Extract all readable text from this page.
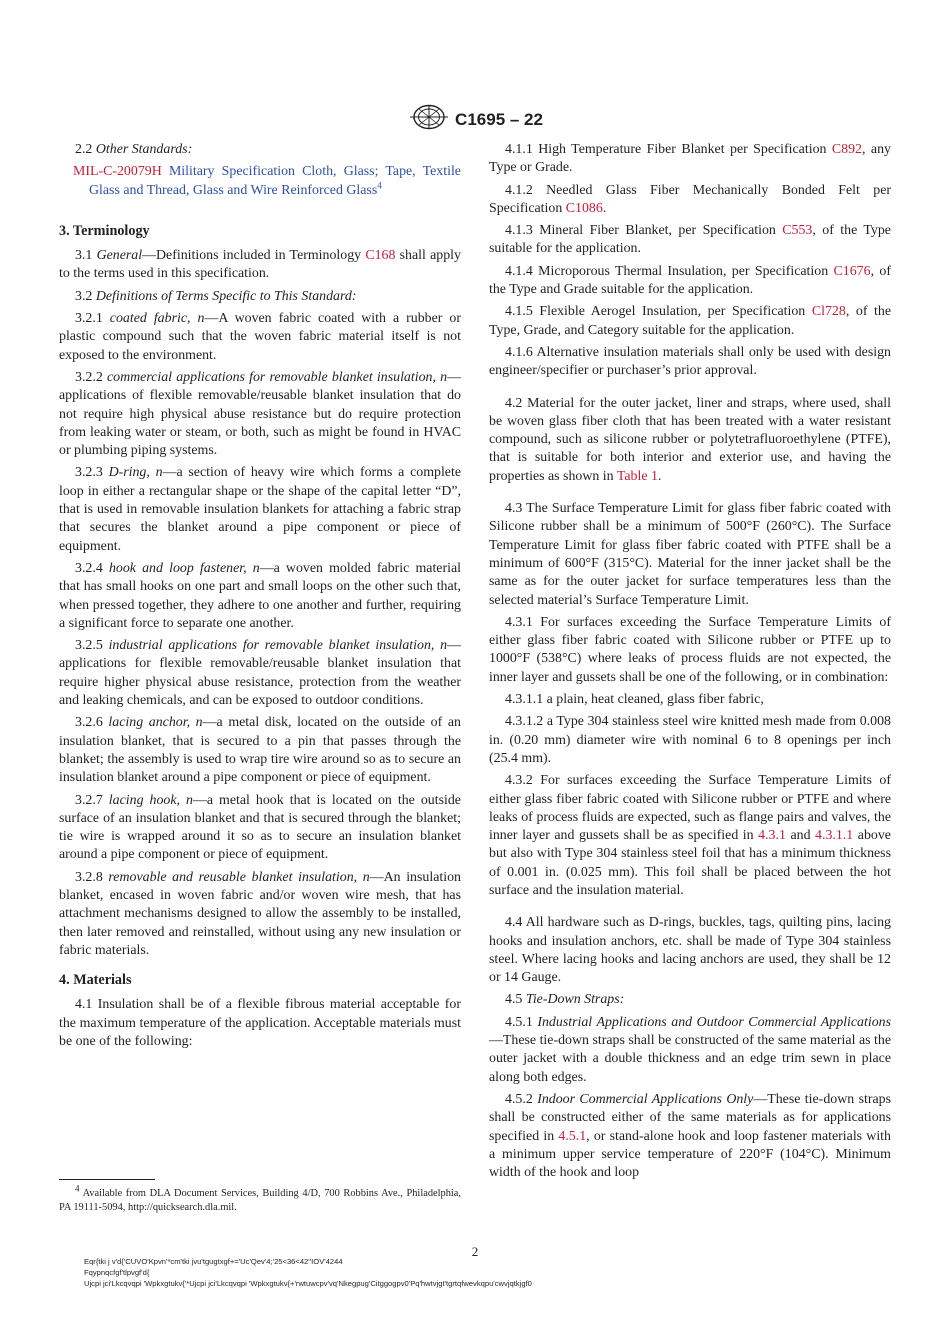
C1695 – 22

2.2 Other Standards:

MIL-C-20079H Military Specification Cloth, Glass; Tape, Textile Glass and Thread, Glass and Wire Reinforced Glass$^4$

3. Terminology

3.1 General—Definitions included in Terminology C168 shall apply to the terms used in this specification.

3.2 Definitions of Terms Specific to This Standard:

3.2.1 coated fabric, n—A woven fabric coated with a rubber or plastic compound such that the woven fabric material itself is not exposed to the environment.

3.2.2 commercial applications for removable blanket insulation, n—applications of flexible removable/reusable blanket insulation that do not require high physical abuse resistance but do require protection from leaking water or steam, or both, such as might be found in HVAC or plumbing piping systems.

3.2.3 D-ring, n—a section of heavy wire which forms a complete loop in either a rectangular shape or the shape of the capital letter “D”, that is used in removable insulation blankets for attaching a fabric strap that secures the blanket around a pipe component or piece of equipment.

3.2.4 hook and loop fastener, n—a woven molded fabric material that has small hooks on one part and small loops on the other such that, when pressed together, they adhere to one another and further, requiring a significant force to separate one another.

3.2.5 industrial applications for removable blanket insulation, n—applications for flexible removable/reusable blanket insulation that require higher physical abuse resistance, protection from the weather and leaking chemicals, and can be exposed to outdoor conditions.

3.2.6 lacing anchor, n—a metal disk, located on the outside of an insulation blanket, that is secured to a pin that passes through the blanket; the assembly is used to wrap tire wire around so as to secure an insulation blanket around a pipe component or piece of equipment.

3.2.7 lacing hook, n—a metal hook that is located on the outside surface of an insulation blanket and that is secured through the blanket; tie wire is wrapped around it so as to secure an insulation blanket around a pipe component or piece of equipment.

3.2.8 removable and reusable blanket insulation, n—An insulation blanket, encased in woven fabric and/or woven wire mesh, that has attachment mechanisms designed to allow the assembly to be installed, then later removed and reinstalled, without using any new insulation or fabric materials.

4. Materials

4.1 Insulation shall be of a flexible fibrous material acceptable for the maximum temperature of the application. Acceptable materials must be one of the following:

$^4$ Available from DLA Document Services, Building 4/D, 700 Robbins Ave., Philadelphia, PA 19111-5094, http://quicksearch.dla.mil.

4.1.1 High Temperature Fiber Blanket per Specification C892, any Type or Grade.

4.1.2 Needled Glass Fiber Mechanically Bonded Felt per Specification C1086.

4.1.3 Mineral Fiber Blanket, per Specification C553, of the Type suitable for the application.

4.1.4 Microporous Thermal Insulation, per Specification C1676, of the Type and Grade suitable for the application.

4.1.5 Flexible Aerogel Insulation, per Specification Cl728, of the Type, Grade, and Category suitable for the application.

4.1.6 Alternative insulation materials shall only be used with design engineer/specifier or purchaser’s prior approval.

4.2 Material for the outer jacket, liner and straps, where used, shall be woven glass fiber cloth that has been treated with a water resistant compound, such as silicone rubber or polytetrafluoroethylene (PTFE), that is suitable for both interior and exterior use, and having the properties as shown in Table 1.

4.3 The Surface Temperature Limit for glass fiber fabric coated with Silicone rubber shall be a minimum of 500°F (260°C). The Surface Temperature Limit for glass fiber fabric coated with PTFE shall be a minimum of 600°F (315°C). Material for the inner jacket shall be the same as for the outer jacket for surface temperatures less than the selected material’s Surface Temperature Limit.

4.3.1 For surfaces exceeding the Surface Temperature Limits of either glass fiber fabric coated with Silicone rubber or PTFE up to 1000°F (538°C) where leaks of process fluids are not expected, the inner layer and gussets shall be one of the following, or in combination:

4.3.1.1 a plain, heat cleaned, glass fiber fabric,

4.3.1.2 a Type 304 stainless steel wire knitted mesh made from 0.008 in. (0.20 mm) diameter wire with nominal 6 to 8 openings per inch (25.4 mm).

4.3.2 For surfaces exceeding the Surface Temperature Limits of either glass fiber fabric coated with Silicone rubber or PTFE and where leaks of process fluids are expected, such as flange pairs and valves, the inner layer and gussets shall be as specified in 4.3.1 and 4.3.1.1 above but also with Type 304 stainless steel foil that has a minimum thickness of 0.001 in. (0.025 mm). This foil shall be placed between the hot surface and the insulation material.

4.4 All hardware such as D-rings, buckles, tags, quilting pins, lacing hooks and insulation anchors, etc. shall be made of Type 304 stainless steel. Where lacing hooks and lacing anchors are used, they shall be 12 or 14 Gauge.

4.5 Tie-Down Straps:

4.5.1 Industrial Applications and Outdoor Commercial Applications—These tie-down straps shall be constructed of the same material as the outer jacket with a double thickness and an edge trim sewn in place along both edges.

4.5.2 Indoor Commercial Applications Only—These tie-down straps shall be constructed either of the same materials as for applications specified in 4.5.1, or stand-alone hook and loop fastener materials with a minimum upper service temperature of 220°F (104°C). Minimum width of the hook and loop

2
Eqr{tki j v'd{'CUVO'Kpvn'*cm'tki jvu'tgugtxgf+='Uc'Qev'4;'25<36<42''IOV'4244
Fqypnqcfgf'tlpvgf'd{
Ujcpi jci'Lkcqvqpi 'Wpkxgtukv{'*Ujcpi jci'Lkcqvqpi 'Wpkxgtukv{+'rwtuwcpv'vq'Nkegpug'Citggogpv0'Pq'hwtvjgt'tgrtqfwevkqpu'cwvjqtkjgf0
